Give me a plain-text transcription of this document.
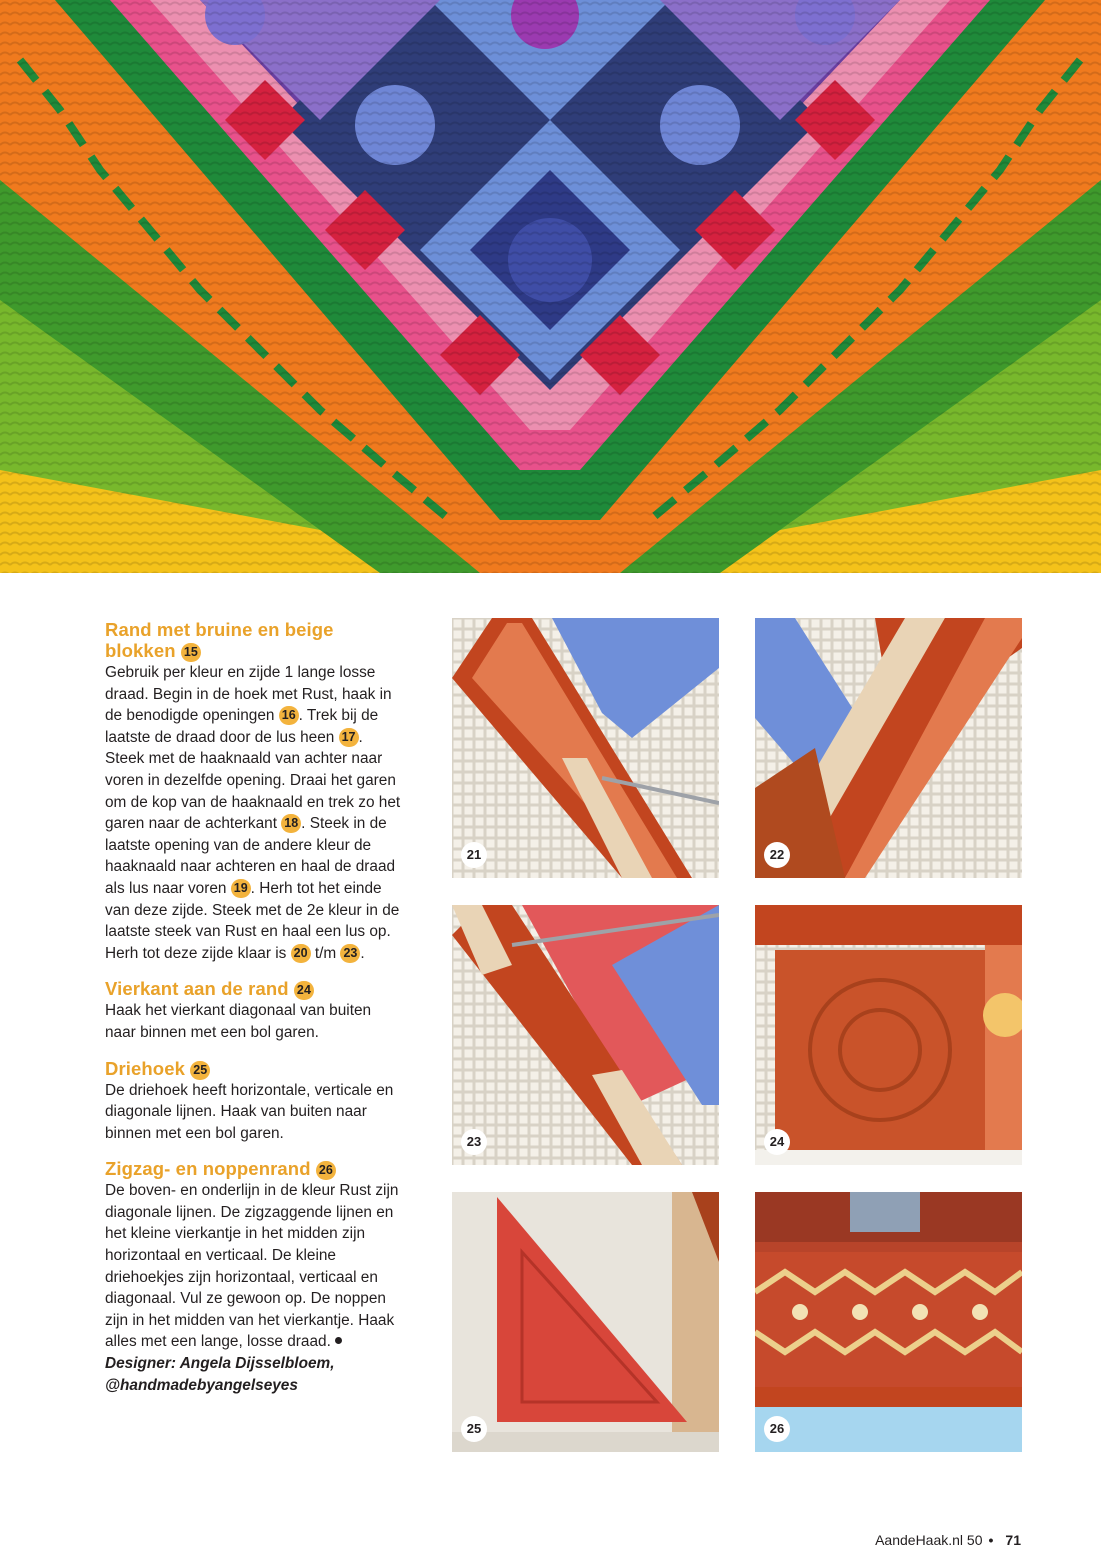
Rand met bruine en beige blokken 15
Gebruik per kleur en zijde 1 lange losse draad. Begin in de hoek met Rust, haak in de benodigde openingen 16 . Trek bij de laatste de draad door de lus heen 17 . Steek met de haaknaald van achter naar voren in dezelfde opening. Draai het garen om de kop van de haaknaald en trek zo het garen naar de achterkant 18 . Steek in de laatste opening van de andere kleur de haaknaald naar achteren en haal de draad als lus naar voren 19 . Herh tot het einde van deze zijde. Steek met de 2e kleur in de laatste steek van Rust en haal een lus op. Herh tot deze zijde klaar is 20 t/m 23 .
Vierkant aan de rand 24
Haak het vierkant diagonaal van buiten naar binnen met een bol garen.
Driehoek 25
De driehoek heeft horizontale, verticale en diagonale lijnen. Haak van buiten naar binnen met een bol garen.
Zigzag- en noppenrand 26
De boven- en onderlijn in de kleur Rust zijn diagonale lijnen. De zigzaggende lijnen en het kleine vierkantje in het midden zijn horizontaal en verticaal. De kleine driehoekjes zijn horizontaal, verticaal en diagonaal. Vul ze gewoon op. De noppen zijn in het midden van het vierkantje. Haak alles met een lange, losse draad.
Designer: Angela Dijsselbloem,
@handmadebyangelseyes
21	22
23	24
25	26
AandeHaak.nl 50 • 71
